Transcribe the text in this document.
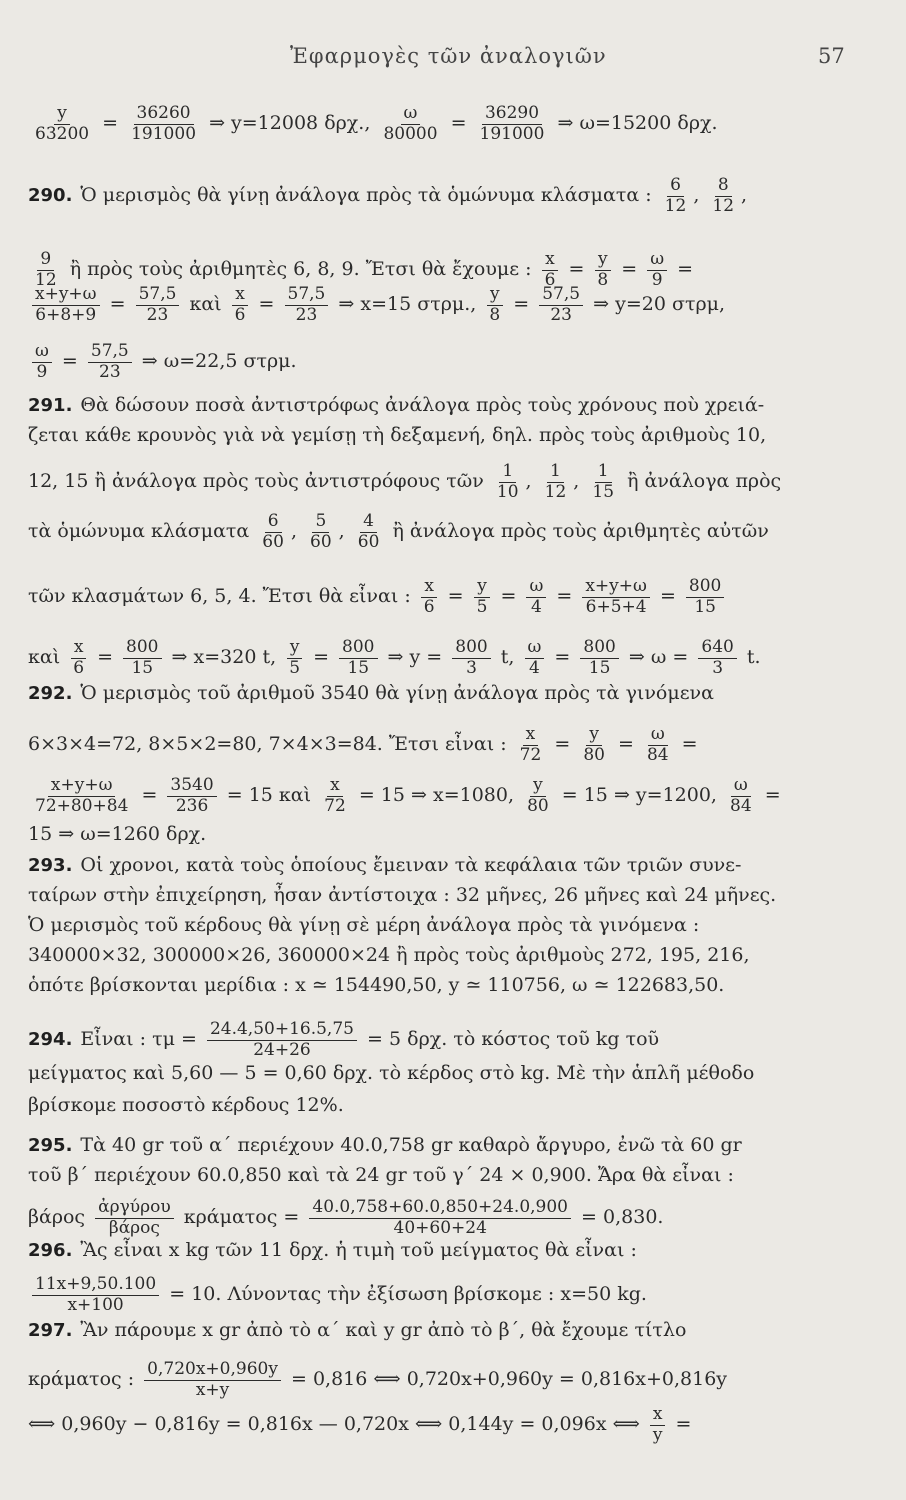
Ἐφαρμογὲς τῶν ἀναλογιῶν	57
$\frac{y}{63200} = \frac{36260}{191000}$ ⇒ y=12008 δρχ., $\frac{\omega}{80000} = \frac{36290}{191000}$ ⇒ ω=15200 δρχ.
290. Ὁ μερισμὸς θὰ γίνῃ ἀνάλογα πρὸς τὰ ὁμώνυμα κλάσματα : $\frac{6}{12}$ , $\frac{8}{12}$ ,
$\frac{9}{12}$ ἢ πρὸς τοὺς ἀριθμητὲς 6, 8, 9. Ἔτσι θὰ ἔχουμε : $\frac{x}{6} = \frac{y}{8} = \frac{\omega}{9}$ =
$\frac{x+y+\omega}{6+8+9} = \frac{57,5}{23}$ καὶ $\frac{x}{6} = \frac{57,5}{23}$ ⇒ x=15 στρμ., $\frac{y}{8} = \frac{57,5}{23}$ ⇒ y=20 στρμ,
$\frac{\omega}{9} = \frac{57,5}{23}$ ⇒ ω=22,5 στρμ.
291. Θὰ δώσουν ποσὰ ἀντιστρόφως ἀνάλογα πρὸς τοὺς χρόνους ποὺ χρειά-
ζεται κάθε κρουνὸς γιὰ νὰ γεμίσῃ τὴ δεξαμενή, δηλ. πρὸς τοὺς ἀριθμοὺς 10,
12, 15 ἢ ἀνάλογα πρὸς τοὺς ἀντιστρόφους τῶν $\frac{1}{10}$ , $\frac{1}{12}$ , $\frac{1}{15}$ ἢ ἀνάλογα πρὸς
τὰ ὁμώνυμα κλάσματα $\frac{6}{60}$ , $\frac{5}{60}$ , $\frac{4}{60}$ ἢ ἀνάλογα πρὸς τοὺς ἀριθμητὲς αὐτῶν
τῶν κλασμάτων 6, 5, 4. Ἔτσι θὰ εἶναι : $\frac{x}{6} = \frac{y}{5} = \frac{\omega}{4} = \frac{x+y+\omega}{6+5+4} = \frac{800}{15}$
καὶ $\frac{x}{6} = \frac{800}{15}$ ⇒ x=320 t, $\frac{y}{5} = \frac{800}{15}$ ⇒ $y = \frac{800}{3} t$, $\frac{\omega}{4} = \frac{800}{15}$ ⇒ $\omega = \frac{640}{3} t$.
292. Ὁ μερισμὸς τοῦ ἀριθμοῦ 3540 θὰ γίνῃ ἀνάλογα πρὸς τὰ γινόμενα
6×3×4=72, 8×5×2=80, 7×4×3=84. Ἔτσι εἶναι : $\frac{x}{72} = \frac{y}{80} = \frac{\omega}{84}$ =
$\frac{x+y+\omega}{72+80+84} = \frac{3540}{236} = 15$ καὶ $\frac{x}{72} = 15$ ⇒ x=1080, $\frac{y}{80} = 15$ ⇒ y=1200, $\frac{\omega}{84}$ =
15 ⇒ ω=1260 δρχ.
293. Οἱ χρονοι, κατὰ τοὺς ὁποίους ἔμειναν τὰ κεφάλαια τῶν τριῶν συνε-
ταίρων στὴν ἐπιχείρηση, ἦσαν ἀντίστοιχα : 32 μῆνες, 26 μῆνες καὶ 24 μῆνες.
Ὁ μερισμὸς τοῦ κέρδους θὰ γίνῃ σὲ μέρη ἀνάλογα πρὸς τὰ γινόμενα :
340000×32, 300000×26, 360000×24 ἢ πρὸς τοὺς ἀριθμοὺς 272, 195, 216,
ὁπότε βρίσκονται μερίδια : x ≃ 154490,50, y ≃ 110756, ω ≃ 122683,50.
294. Εἶναι : $\tau\mu = \frac{24.4,50+16.5,75}{24+26} = 5$ δρχ. τὸ κόστος τοῦ kg τοῦ
μείγματος καὶ 5,60 — 5 = 0,60 δρχ. τὸ κέρδος στὸ kg. Μὲ τὴν ἁπλῆ μέθοδο
βρίσκομε ποσοστὸ κέρδους 12%.
295. Τὰ 40 gr τοῦ α΄ περιέχουν 40.0,758 gr καθαρὸ ἄργυρο, ἐνῶ τὰ 60 gr
τοῦ β΄ περιέχουν 60.0,850 καὶ τὰ 24 gr τοῦ γ΄ 24 × 0,900. Ἄρα θὰ εἶναι :
βάρος ἀργύρου
βάρος $\kappa\rho ά\mu\alpha\tau o\varsigma = \frac{40.0,758+60.0,850+24.0,900}{40+60+24} = 0,830$.
296. Ἂς εἶναι x kg τῶν 11 δρχ. ἡ τιμὴ τοῦ μείγματος θὰ εἶναι :
$\frac{11x+9,50.100}{x+100} = 10$. Λύνοντας τὴν ἐξίσωση βρίσκομε : x=50 kg.
297. Ἂν πάρουμε x gr ἀπὸ τὸ α΄ καὶ y gr ἀπὸ τὸ β΄, θὰ ἔχουμε τίτλο
κράματος : $\frac{0,720x+0,960y}{x+y} = 0,816$ ⟺ 0,720x+0,960y = 0,816x+0,816y
⟺ 0,960y − 0,816y = 0,816x — 0,720x ⟺ 0,144y = 0,096x ⟺ $\frac{x}{y}$ =
